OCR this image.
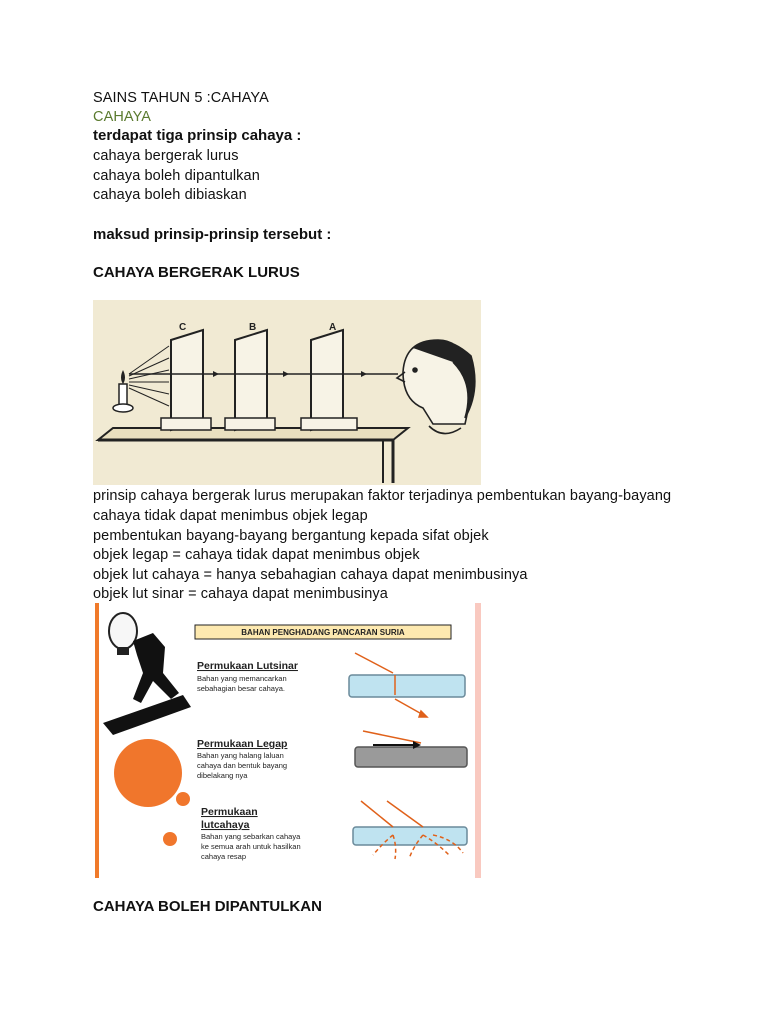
SAINS TAHUN 5 :CAHAYA
CAHAYA
terdapat tiga prinsip cahaya :
cahaya bergerak lurus
cahaya boleh dipantulkan
cahaya boleh dibiaskan
maksud prinsip-prinsip tersebut :
CAHAYA BERGERAK LURUS
C	B	A
prinsip cahaya bergerak lurus merupakan faktor terjadinya pembentukan bayang-bayang
cahaya tidak dapat menimbus objek legap
pembentukan bayang-bayang bergantung kepada sifat objek
objek legap = cahaya tidak dapat menimbus objek
objek lut cahaya = hanya sebahagian cahaya dapat menimbusinya
objek lut sinar = cahaya dapat menimbusinya
BAHAN PENGHADANG PANCARAN SURIA
Permukaan Lutsinar
Bahan yang memancarkan
sebahagian besar cahaya.
Permukaan Legap
Bahan yang halang laluan
cahaya dan bentuk bayang
dibelakang nya
Permukaan
lutcahaya
Bahan yang sebarkan cahaya
ke semua arah untuk hasilkan
cahaya resap
CAHAYA BOLEH DIPANTULKAN
